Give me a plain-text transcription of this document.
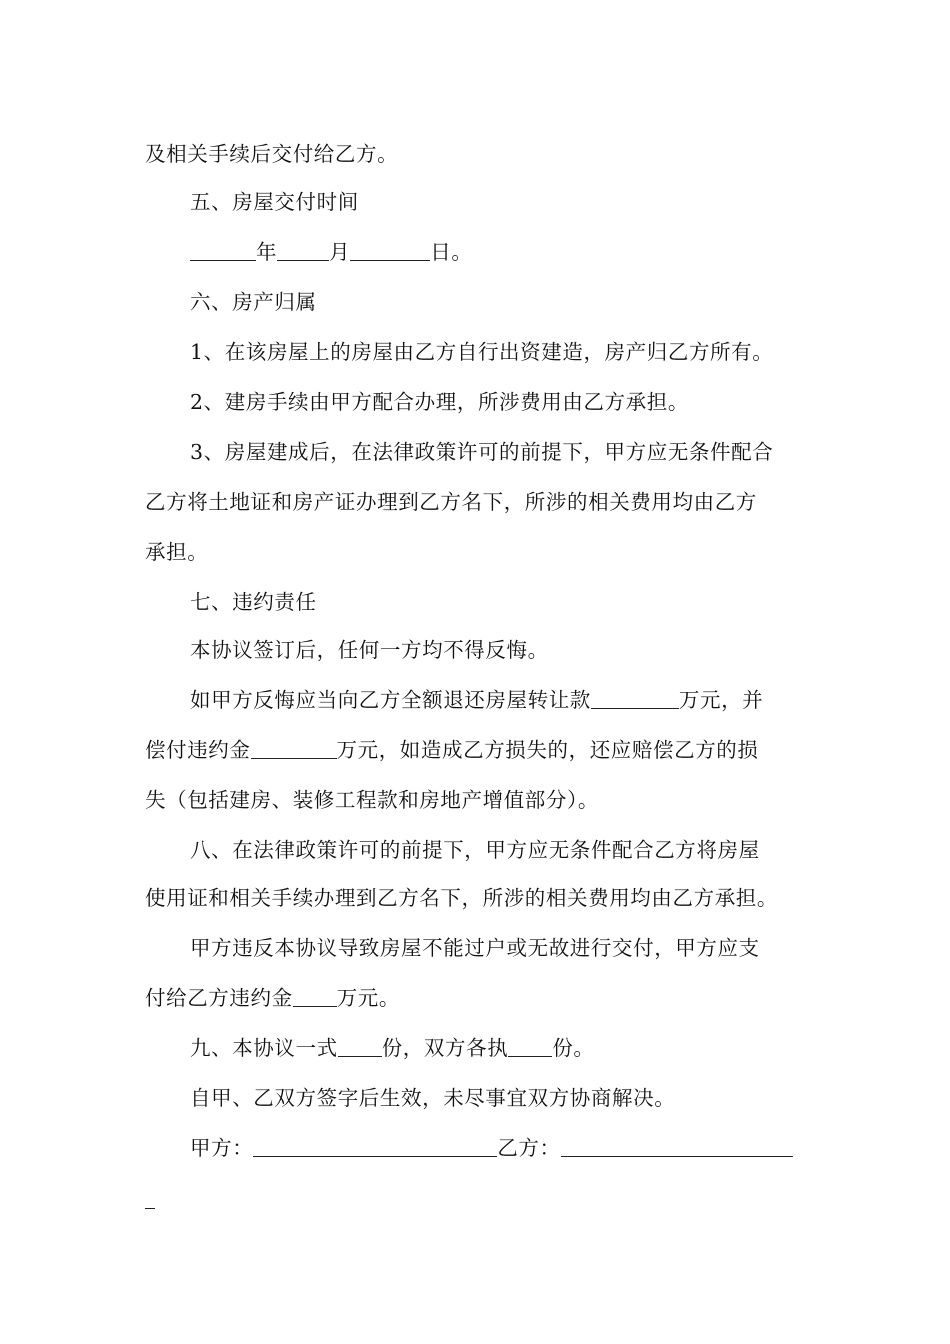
及相关手续后交付给乙方。
五、房屋交付时间
年	月	日。
六、房产归属
1、在该房屋上的房屋由乙方自行出资建造，房产归乙方所有。
2、建房手续由甲方配合办理，所涉费用由乙方承担。
3、房屋建成后，在法律政策许可的前提下，甲方应无条件配合
乙方将土地证和房产证办理到乙方名下，所涉的相关费用均由乙方
承担。
七、违约责任
本协议签订后，任何一方均不得反悔。
如甲方反悔应当向乙方全额退还房屋转让款	万元，并
偿付违约金	万元，如造成乙方损失的，还应赔偿乙方的损
失（包括建房、装修工程款和房地产增值部分）。
八、在法律政策许可的前提下，甲方应无条件配合乙方将房屋
使用证和相关手续办理到乙方名下，所涉的相关费用均由乙方承担。
甲方违反本协议导致房屋不能过户或无故进行交付，甲方应支
付给乙方违约金 万元。
九、本协议一式 份，双方各执 份。
自甲、乙双方签字后生效，未尽事宜双方协商解决。
甲方：	乙方：
